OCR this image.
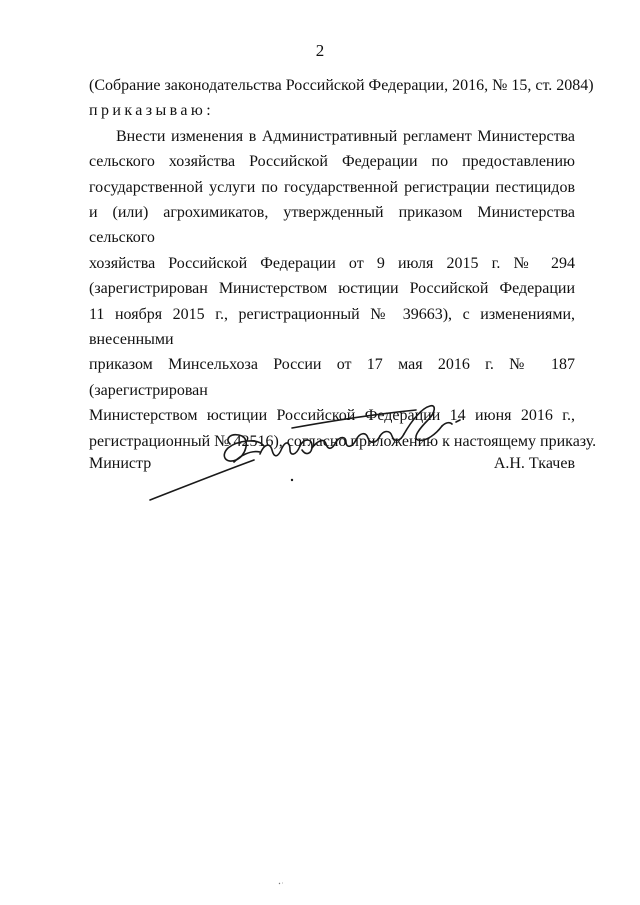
2
(Собрание законодательства Российской Федерации, 2016, № 15, ст. 2084)
приказываю:
Внести изменения в Административный регламент Министерства
сельского хозяйства Российской Федерации по предоставлению
государственной услуги по государственной регистрации пестицидов
и (или) агрохимикатов, утвержденный приказом Министерства сельского
хозяйства Российской Федерации от 9 июля 2015 г. № 294
(зарегистрирован Министерством юстиции Российской Федерации
11 ноября 2015 г., регистрационный № 39663), с изменениями, внесенными
приказом Минсельхоза России от 17 мая 2016 г. № 187 (зарегистрирован
Министерством юстиции Российской Федерации 14 июня 2016 г.,
регистрационный № 42516), согласно приложению к настоящему приказу.
Министр	А.Н. Ткачев
